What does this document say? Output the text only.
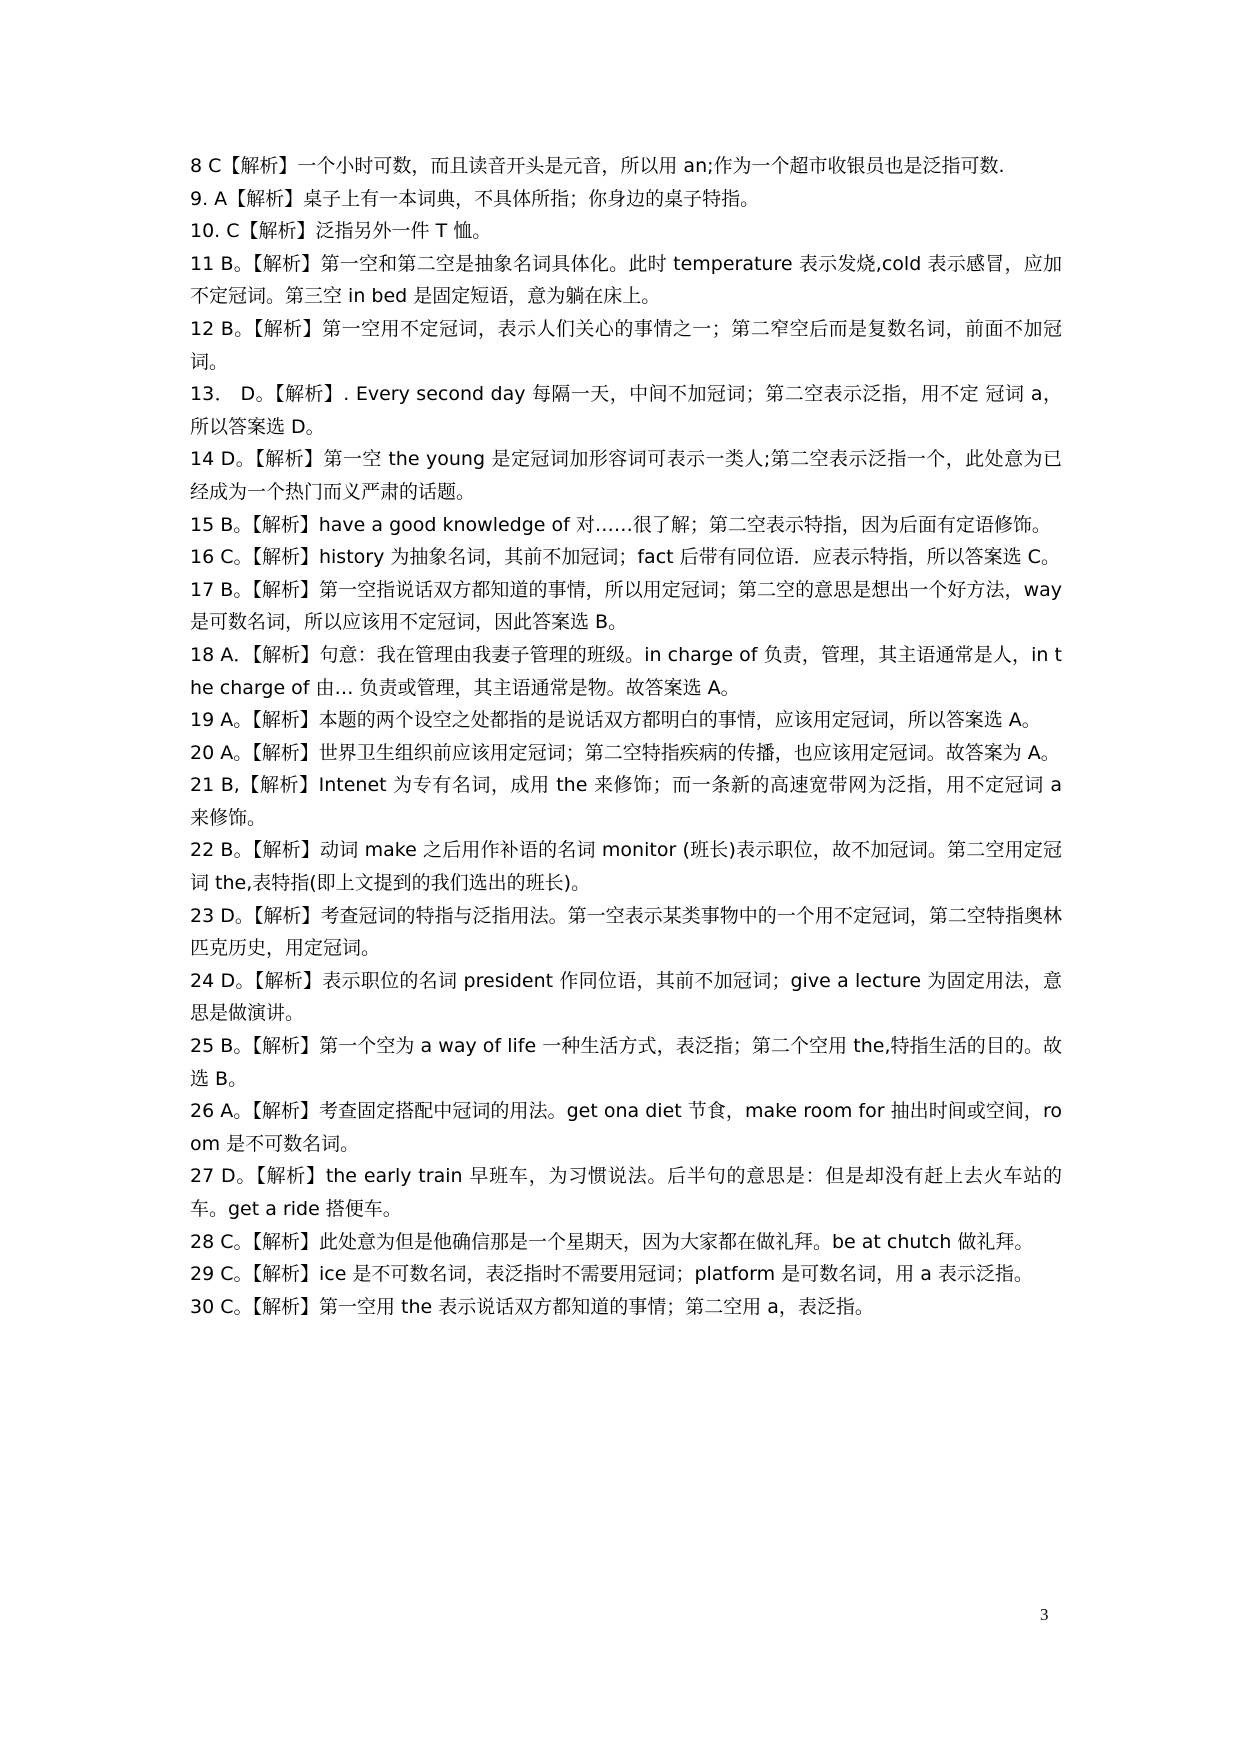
8 C【解析】一个小时可数，而且读音开头是元音，所以用 an;作为一个超市收银员也是泛指可数.

9. A【解析】桌子上有一本词典，不具体所指；你身边的桌子特指。

10. C【解析】泛指另外一件 T 恤。

11 B。【解析】第一空和第二空是抽象名词具体化。此时 temperature 表示发烧,cold 表示感冒，应加不定冠词。第三空 in bed 是固定短语，意为躺在床上。

12 B。【解析】第一空用不定冠词，表示人们关心的事情之一；第二窄空后而是复数名词，前面不加冠词。

13． D。【解析】. Every second day 每隔一天，中间不加冠词；第二空表示泛指，用不定 冠词 a，所以答案选 D。

14 D。【解析】第一空 the young 是定冠词加形容词可表示一类人;第二空表示泛指一个，此处意为已经成为一个热门而义严肃的话题。

15 B。【解析】have a good knowledge of 对……很了解；第二空表示特指，因为后面有定语修饰。

16 C。【解析】history 为抽象名词，其前不加冠词；fact 后带有同位语．应表示特指，所以答案选 C。

17 B。【解析】第一空指说话双方都知道的事情，所以用定冠词；第二空的意思是想出一个好方法，way 是可数名词，所以应该用不定冠词，因此答案选 B。

18 A．【解析】句意：我在管理由我妻子管理的班级。in charge of 负责，管理，其主语通常是人，in the charge of 由… 负责或管理，其主语通常是物。故答案选 A。

19 A。【解析】本题的两个设空之处都指的是说话双方都明白的事情，应该用定冠词，所以答案选 A。

20 A。【解析】世界卫生组织前应该用定冠词；第二空特指疾病的传播，也应该用定冠词。故答案为 A。

21 B,【解析】Intenet 为专有名词，成用 the 来修饰；而一条新的高速宽带网为泛指，用不定冠词 a 来修饰。

22 B。【解析】动词 make 之后用作补语的名词 monitor (班长)表示职位，故不加冠词。第二空用定冠词 the,表特指(即上文提到的我们选出的班长)。

23 D。【解析】考查冠词的特指与泛指用法。第一空表示某类事物中的一个用不定冠词，第二空特指奥林匹克历史，用定冠词。

24 D。【解析】表示职位的名词 president 作同位语，其前不加冠词；give a lecture 为固定用法，意思是做演讲。

25 B。【解析】第一个空为 a way of life 一种生活方式，表泛指；第二个空用 the,特指生活的目的。故选 B。

26 A。【解析】考查固定搭配中冠词的用法。get ona diet 节食，make room for 抽出时间或空间，room 是不可数名词。

27 D。【解析】the early train 早班车，为习惯说法。后半句的意思是：但是却没有赶上去火车站的车。get a ride 搭便车。

28 C。【解析】此处意为但是他确信那是一个星期天，因为大家都在做礼拜。be at chutch 做礼拜。

29 C。【解析】ice 是不可数名词，表泛指时不需要用冠词；platform 是可数名词，用 a 表示泛指。

30 C。【解析】第一空用 the 表示说话双方都知道的事情；第二空用 a，表泛指。

3
